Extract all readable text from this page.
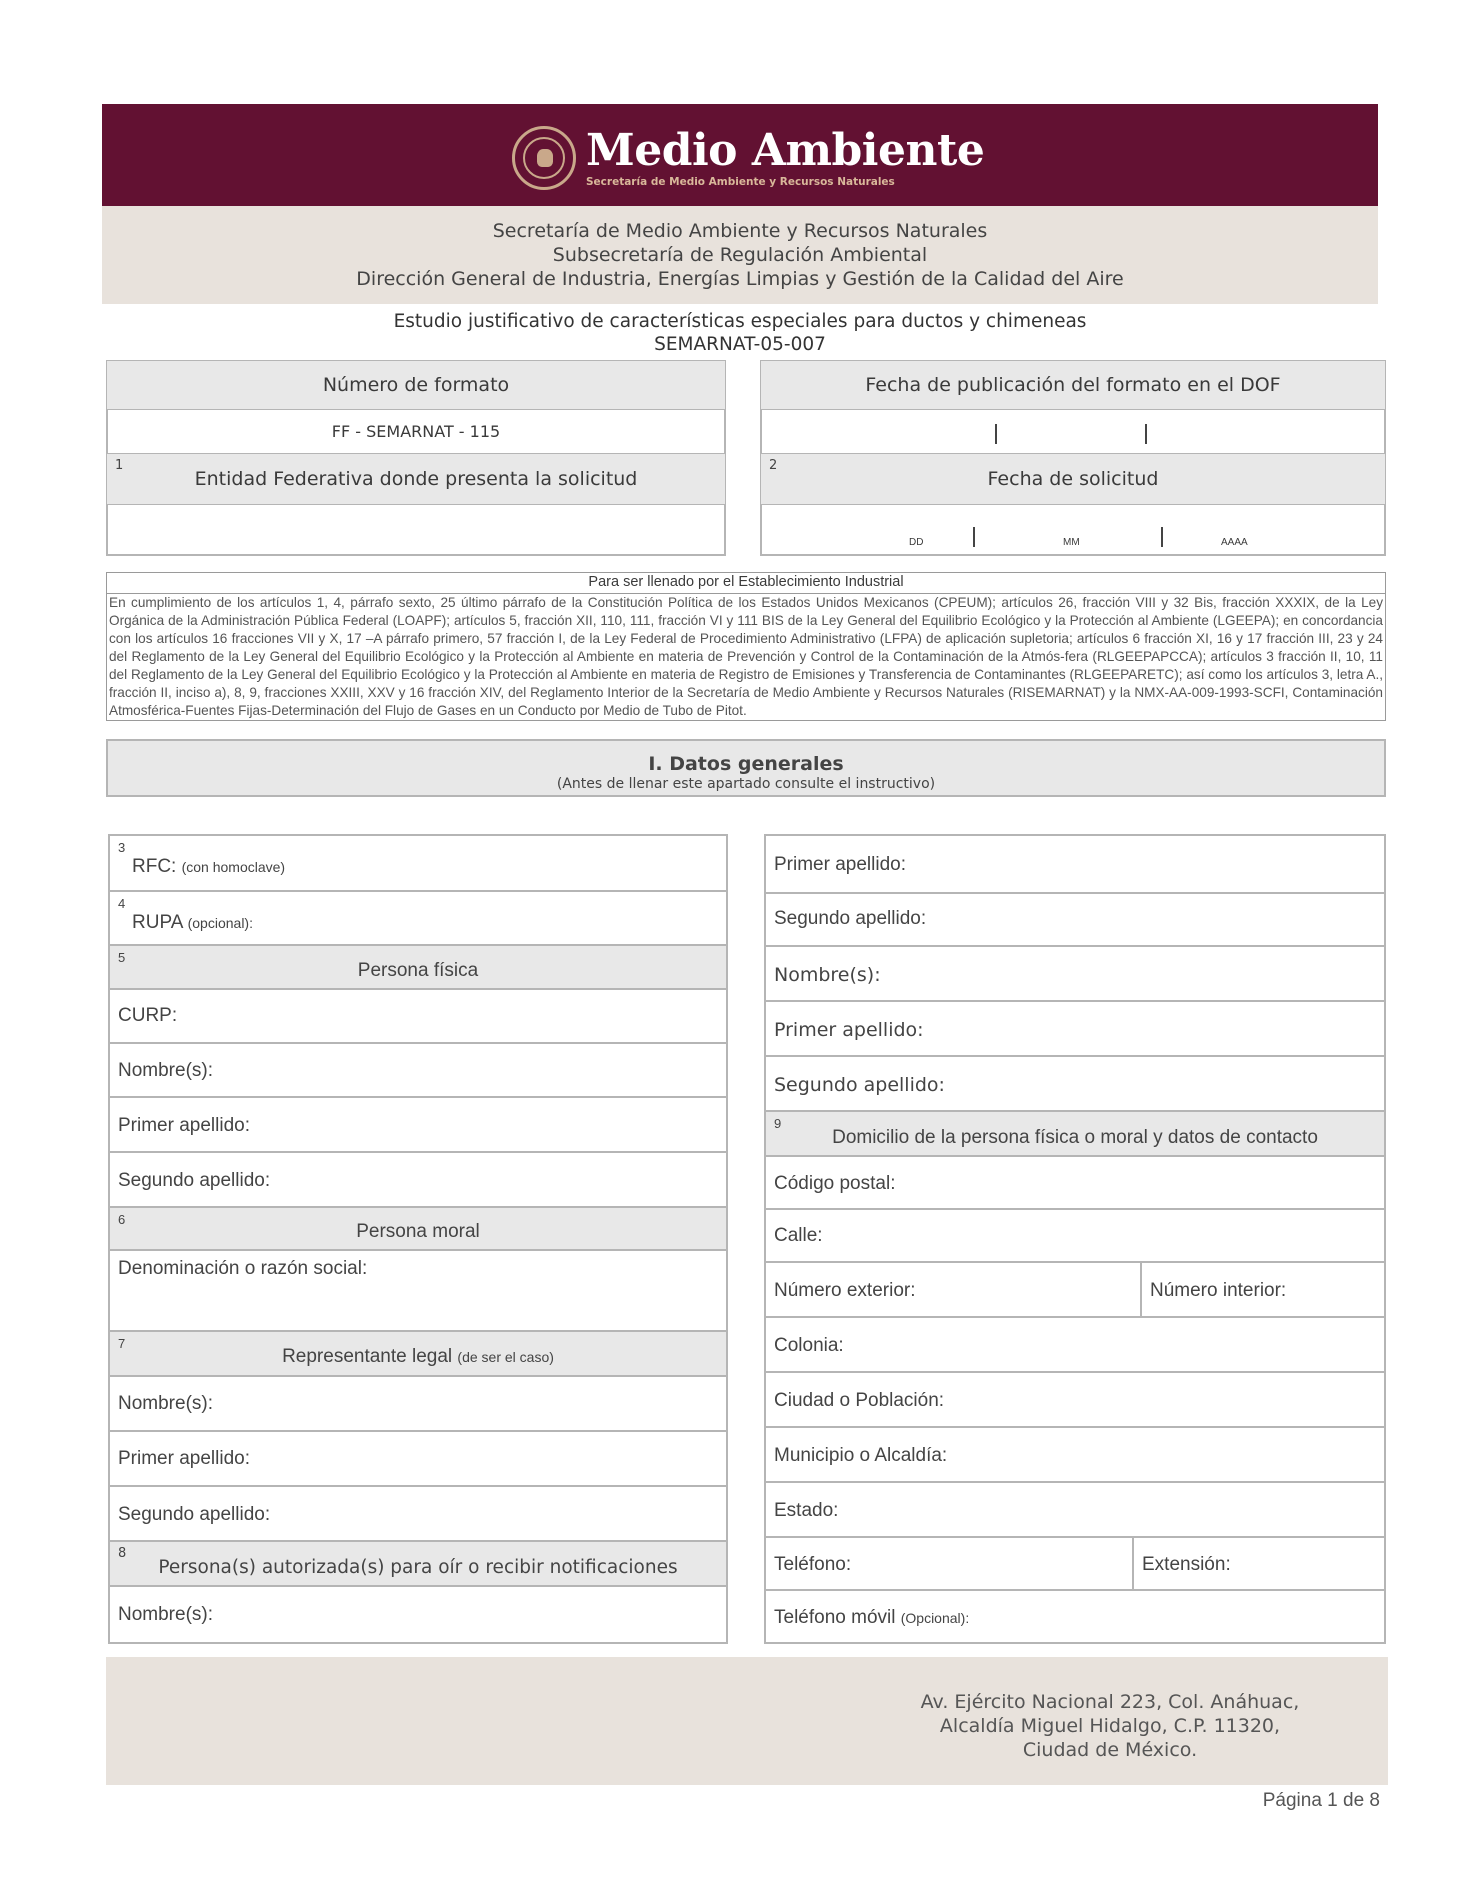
Medio Ambiente
Secretaría de Medio Ambiente y Recursos Naturales
Secretaría de Medio Ambiente y Recursos Naturales
Subsecretaría de Regulación Ambiental
Dirección General de Industria, Energías Limpias y Gestión de la Calidad del Aire
Estudio justificativo de características especiales para ductos y chimeneas
SEMARNAT-05-007
Número de formato
FF - SEMARNAT - 115
1
Entidad Federativa donde presenta la solicitud
Fecha de publicación del formato en el DOF
2
Fecha de solicitud
DD	MM	AAAA
Para ser llenado por el Establecimiento Industrial
En cumplimiento de los artículos 1, 4, párrafo sexto, 25 último párrafo de la Constitución Política de los Estados Unidos Mexicanos (CPEUM); artículos 26, fracción VIII y 32 Bis, fracción XXXIX, de la Ley Orgánica de la Administración Pública Federal (LOAPF); artículos 5, fracción XII, 110, 111, fracción VI y 111 BIS de la Ley General del Equilibrio Ecológico y la Protección al Ambiente (LGEEPA); en concordancia con los artículos 16 fracciones VII y X, 17 –A párrafo primero, 57 fracción I, de la Ley Federal de Procedimiento Administrativo (LFPA) de aplicación supletoria; artículos 6 fracción XI, 16 y 17 fracción III, 23 y 24 del Reglamento de la Ley General del Equilibrio Ecológico y la Protección al Ambiente en materia de Prevención y Control de la Contaminación de la Atmós-fera (RLGEEPAPCCA); artículos 3 fracción II, 10, 11 del Reglamento de la Ley General del Equilibrio Ecológico y la Protección al Ambiente en materia de Registro de Emisiones y Transferencia de Contaminantes (RLGEEPARETC); así como los artículos 3, letra A., fracción II, inciso a), 8, 9, fracciones XXIII, XXV y 16 fracción XIV, del Reglamento Interior de la Secretaría de Medio Ambiente y Recursos Naturales (RISEMARNAT) y la NMX-AA-009-1993-SCFI, Contaminación Atmosférica-Fuentes Fijas-Determinación del Flujo de Gases en un Conducto por Medio de Tubo de Pitot.
I. Datos generales
(Antes de llenar este apartado consulte el instructivo)
3
RFC: (con homoclave)
4
RUPA (opcional):
5
Persona física
CURP:
Nombre(s):
Primer apellido:
Segundo apellido:
6
Persona moral
Denominación o razón social:
7
Representante legal (de ser el caso)
Nombre(s):
Primer apellido:
Segundo apellido:
8
Persona(s) autorizada(s) para oír o recibir notificaciones
Nombre(s):
Primer apellido:
Segundo apellido:
Nombre(s):
Primer apellido:
Segundo apellido:
9
Domicilio de la persona física o moral y datos de contacto
Código postal:
Calle:
Número exterior:	Número interior:
Colonia:
Ciudad o Población:
Municipio o Alcaldía:
Estado:
Teléfono:	Extensión:
Teléfono móvil (Opcional):
Av. Ejército Nacional 223, Col. Anáhuac,
Alcaldía Miguel Hidalgo, C.P. 11320,
Ciudad de México.
Página 1 de 8
